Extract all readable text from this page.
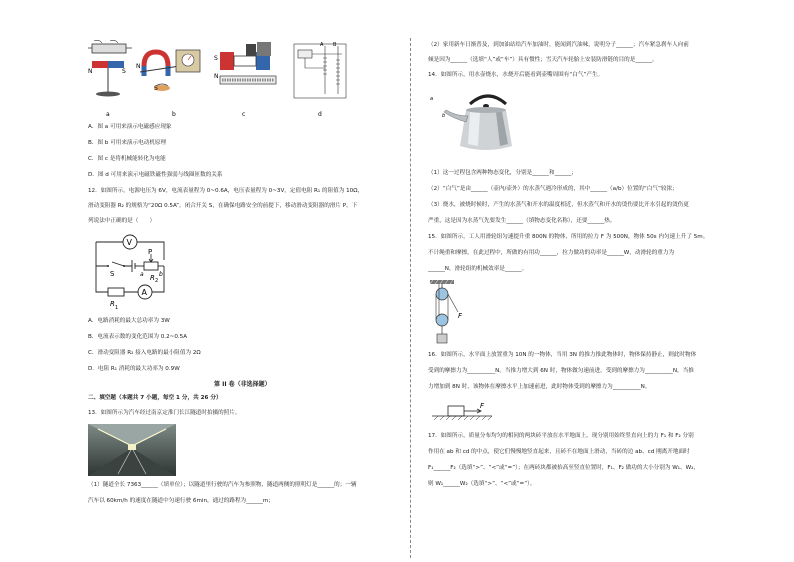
N	S
N
S
S
N
A B
a	b	c	d
A．图 a 可用来演示电磁感应现象
B．图 b 可用来演示电动机原理
C．图 c 是将机械能转化为电能
D．图 d 可用来演示电磁铁磁性强弱与线圈匝数的关系
12．如图所示，电源电压为 6V，电流表量程为 0~0.6A，电压表量程为 0~3V，定值电阻 R₁ 的阻值为 10Ω，
滑动变阻器 R₂ 的规格为“20Ω 0.5A”。闭合开关 S，在确保电路安全的前提下，移动滑动变阻器的滑片 P，下
列说法中正确的是（　　）
V
A
S
P
a	b
R 2
R 1
A．电路消耗的最大总功率为 3W
B．电流表示数的变化范围为 0.2~0.5A
C．滑动变阻器 R₂ 接入电路的最小阻值为 2Ω
D．电阻 R₁ 消耗的最大功率为 0.9W
第 II 卷（非选择题）
二、填空题（本题共 7 小题，每空 1 分，共 26 分）
13．如图所示为汽车经过南京定淮门长江隧道时拍摄的照片。
（1）隧道全长 7363______（填单位）；以隧道里行驶的汽车为参照物，隧道两侧的照明灯是______的；一辆
汽车以 60km/h 的速度在隧道中匀速行驶 6min，通过的路程为______m；
（2）家用新车日渐普及，到加油站给汽车加油时，能闻到汽油味，说明分子______；汽车紧急刹车人向前
倾是因为______（选填“人”或“车”）具有惯性；雪天汽车轮胎上安装防滑链的目的是______。
14．如图所示，用水壶烧水，水烧开后能看到壶嘴周围有“白气”产生。
a
b
（1）这一过程包含两种物态变化，分别是______和______；
（2）“白气”是由______（壶内/壶外）的水蒸气遇冷形成的，其中______（a/b）位置的“白气”较浓；
（3）烧水，被烧时候时，产生的水蒸气和开水的温度相近，但水蒸气和开水的烫伤要比开水引起的烫伤更
严重，这是因为水蒸气先要发生______（填物态变化名称），还要______热。
15．如图所示，工人用滑轮组匀速提升重 800N 的物体，所用的拉力 F 为 500N，物体 50s 内匀速上升了 5m。
不计绳重和摩擦，在此过程中，所做的有用功______，拉力做功的功率是______W，动滑轮的重力为
______N，滑轮组的机械效率是______。
F
16．如图所示，水平面上放置重为 10N 的一物体，当用 3N 的推力推此物体时，物体保持静止，则此时物体
受到的摩擦力为__________N。当推力增大到 6N 时，物体做匀速前进，受到的摩擦力为__________N，当推
力增加到 8N 时，该物体在摩擦水平上加速前进，此时物体受到的摩擦力为__________N。
F
17．如图所示，质量分布均匀的相同的两块砖平放在水平地面上，现分别用始终竖直向上的力 F₁ 和 F₂ 分别
作用在 ab 和 cd 的中点，使它们慢慢地竖直起来，且砖不在地面上滑动，当砖的边 ab、cd 刚离开地面时
F₁______F₂（选填“>”、“<”或“=”）；在两砖块都被抬高至竖直位置时，F₁、F₂ 做功的大小分别为 W₁、W₂，
则 W₁______W₂（选填“>”、“<”或“=”）。
